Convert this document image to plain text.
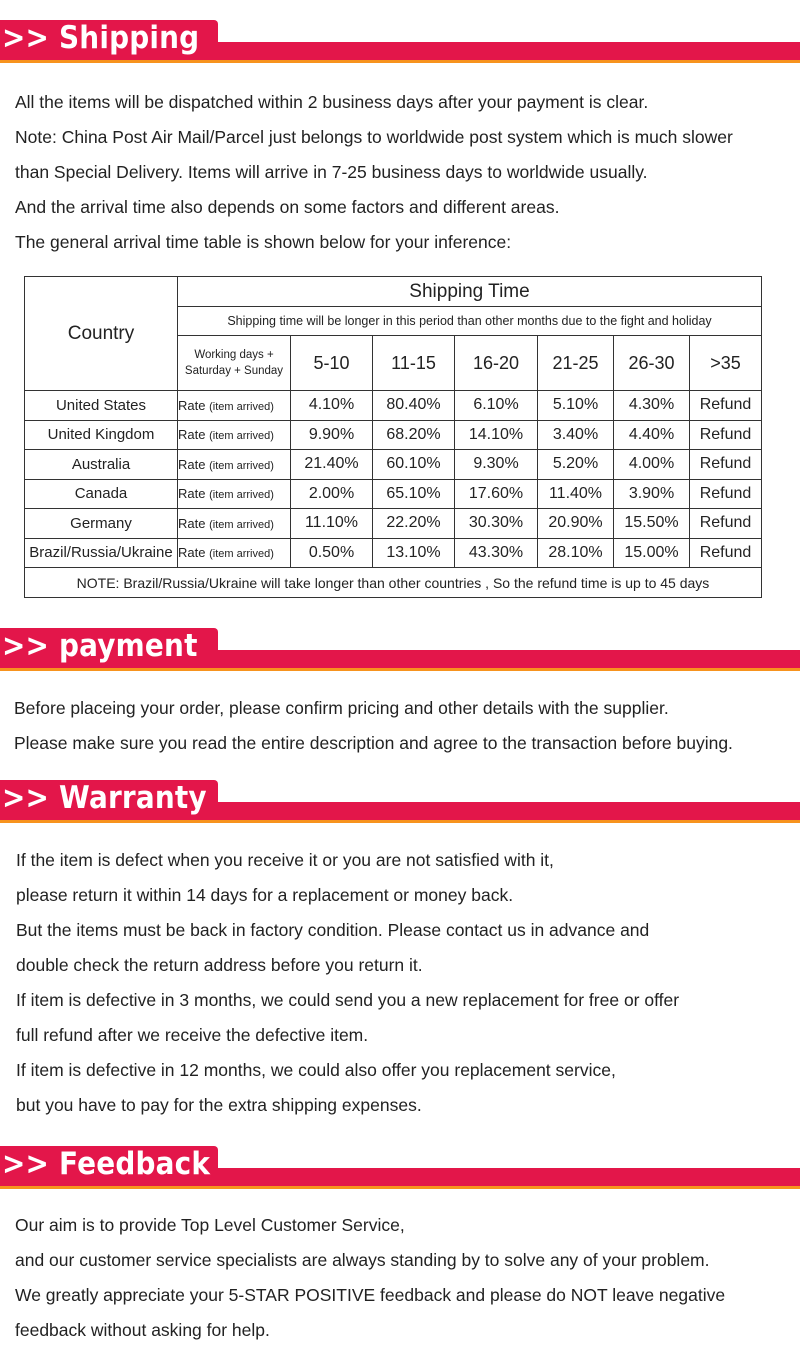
>> Shipping

All the items will be dispatched within 2 business days after your payment is clear.

Note: China Post Air Mail/Parcel just belongs to worldwide post system which is much slower

than Special Delivery. Items will arrive in 7-25 business days to worldwide usually.

And the arrival time also depends on some factors and different areas.

The general arrival time table is shown below for your inference:

Country	Shipping Time						
	Shipping time will be longer in this period than other months due to the fight and holiday						
	Working days + Saturday + Sunday	5-10	11-15	16-20	21-25	26-30	>35
United States	Rate (item arrived)	4.10%	80.40%	6.10%	5.10%	4.30%	Refund
United Kingdom	Rate (item arrived)	9.90%	68.20%	14.10%	3.40%	4.40%	Refund
Australia	Rate (item arrived)	21.40%	60.10%	9.30%	5.20%	4.00%	Refund
Canada	Rate (item arrived)	2.00%	65.10%	17.60%	11.40%	3.90%	Refund
Germany	Rate (item arrived)	11.10%	22.20%	30.30%	20.90%	15.50%	Refund
Brazil/Russia/Ukraine	Rate (item arrived)	0.50%	13.10%	43.30%	28.10%	15.00%	Refund
NOTE: Brazil/Russia/Ukraine will take longer than other countries , So the refund time is up to 45 days							
>> payment

Before placeing your order, please confirm pricing and other details with the supplier.

Please make sure you read the entire description and agree to the transaction before buying.

>> Warranty

If the item is defect when you receive it or you are not satisfied with it,

please return it within 14 days for a replacement or money back.

But the items must be back in factory condition. Please contact us in advance and

double check the return address before you return it.

If item is defective in 3 months, we could send you a new replacement for free or offer

full refund after we receive the defective item.

If item is defective in 12 months, we could also offer you replacement service,

but you have to pay for the extra shipping expenses.

>> Feedback

Our aim is to provide Top Level Customer Service,

and our customer service specialists are always standing by to solve any of your problem.

We greatly appreciate your 5-STAR POSITIVE feedback and please do NOT leave negative

feedback without asking for help.
